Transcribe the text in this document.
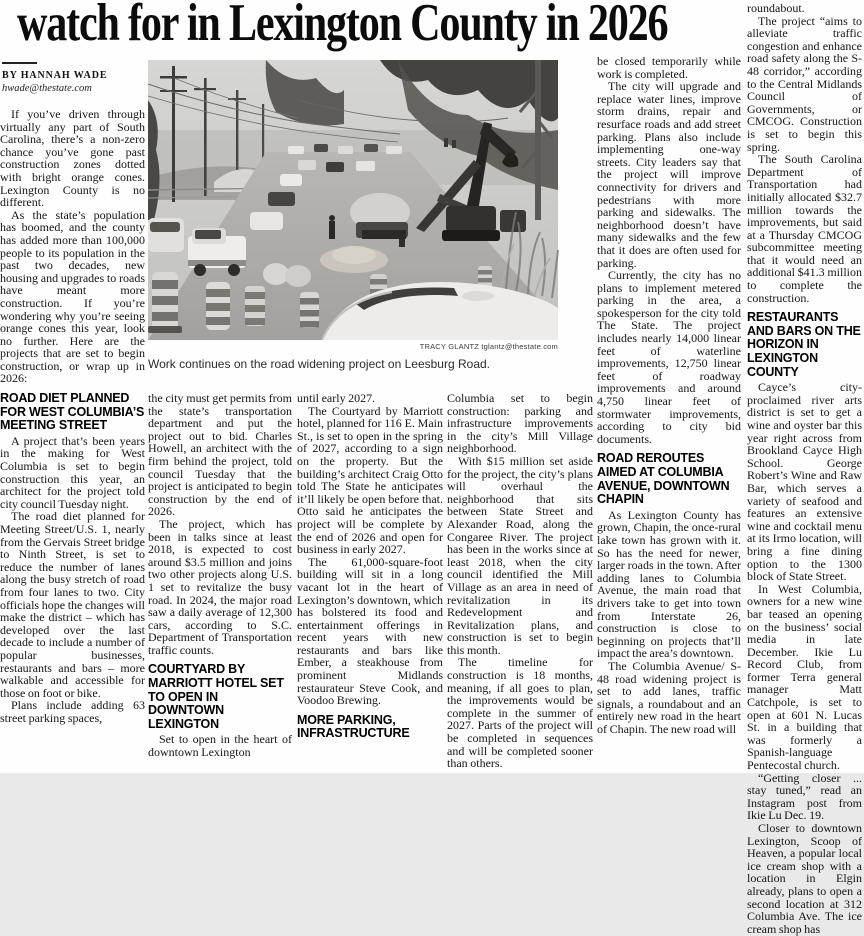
watch for in Lexington County in 2026
BY HANNAH WADE
hwade@thestate.com
TRACY GLANTZ tglantz@thestate.com
Work continues on the road widening project on Leesburg Road.

If you’ve driven through virtually any part of South Carolina, there’s a non-zero chance you’ve gone past construction zones dotted with bright orange cones. Lexington County is no different.

As the state’s population has boomed, and the county has added more than 100,000 people to its population in the past two decades, new housing and upgrades to roads have meant more construction. If you’re wondering why you’re seeing orange cones this year, look no further. Here are the projects that are set to begin construction, or wrap up in 2026:

ROAD DIET PLANNED FOR WEST COLUMBIA’S MEETING STREET

A project that’s been years in the making for West Columbia is set to begin construction this year, an architect for the project told city council Tuesday night.

The road diet planned for Meeting Street/U.S. 1, nearly from the Gervais Street bridge to Ninth Street, is set to reduce the number of lanes along the busy stretch of road from four lanes to two. City officials hope the changes will make the district – which has developed over the last decade to include a number of popular businesses, restaurants and bars – more walkable and accessible for those on foot or bike.

Plans include adding 63 street parking spaces,

the city must get permits from the state’s transportation department and put the project out to bid. Charles Howell, an architect with the firm behind the project, told council Tuesday that the project is anticipated to begin construction by the end of 2026.

The project, which has been in talks since at least 2018, is expected to cost around $3.5 million and joins two other projects along U.S. 1 set to revitalize the busy road. In 2024, the major road saw a daily average of 12,300 cars, according to S.C. Department of Transportation traffic counts.

COURTYARD BY MARRIOTT HOTEL SET TO OPEN IN DOWNTOWN LEXINGTON

Set to open in the heart of downtown Lexington

until early 2027.

The Courtyard by Marriott hotel, planned for 116 E. Main St., is set to open in the spring of 2027, according to a sign on the property. But the building’s architect Craig Otto told The State he anticipates it’ll likely be open before that. Otto said he anticipates the project will be complete by the end of 2026 and open for business in early 2027.

The 61,000-square-foot building will sit in a long vacant lot in the heart of Lexington’s downtown, which has bolstered its food and entertainment offerings in recent years with new restaurants and bars like Ember, a steakhouse from prominent Midlands restaurateur Steve Cook, and Voodoo Brewing.

MORE PARKING, INFRASTRUCTURE

Columbia set to begin construction: parking and infrastructure improvements in the city’s Mill Village neighborhood.

With $15 million set aside for the project, the city’s plans will overhaul the neighborhood that sits between State Street and Alexander Road, along the Congaree River. The project has been in the works since at least 2018, when the city council identified the Mill Village as an area in need of revitalization in its Redevelopment and Revitalization plans, and construction is set to begin this month.

The timeline for construction is 18 months, meaning, if all goes to plan, the improvements would be complete in the summer of 2027. Parts of the project will be completed in sequences and will be completed sooner than others.

be closed temporarily while work is completed.

The city will upgrade and replace water lines, improve storm drains, repair and resurface roads and add street parking. Plans also include implementing one-way streets. City leaders say that the project will improve connectivity for drivers and pedestrians with more parking and sidewalks. The neighborhood doesn’t have many sidewalks and the few that it does are often used for parking.

Currently, the city has no plans to implement metered parking in the area, a spokesperson for the city told The State. The project includes nearly 14,000 linear feet of waterline improvements, 12,750 linear feet of roadway improvements and around 4,750 linear feet of stormwater improvements, according to city bid documents.

ROAD REROUTES AIMED AT COLUMBIA AVENUE, DOWNTOWN CHAPIN

As Lexington County has grown, Chapin, the once-rural lake town has grown with it. So has the need for newer, larger roads in the town. After adding lanes to Columbia Avenue, the main road that drivers take to get into town from Interstate 26, construction is close to beginning on projects that’ll impact the area’s downtown.

The Columbia Avenue/ S-48 road widening project is set to add lanes, traffic signals, a roundabout and an entirely new road in the heart of Chapin. The new road will

roundabout.

The project “aims to alleviate traffic congestion and enhance road safety along the S-48 corridor,” according to the Central Midlands Council of Governments, or CMCOG. Construction is set to begin this spring.

The South Carolina Department of Transportation had initially allocated $32.7 million towards the improvements, but said at a Thursday CMCOG subcommittee meeting that it would need an additional $41.3 million to complete the construction.

RESTAURANTS AND BARS ON THE HORIZON IN LEXINGTON COUNTY

Cayce’s city-proclaimed river arts district is set to get a wine and oyster bar this year right across from Brookland Cayce High School. George Robert’s Wine and Raw Bar, which serves a variety of seafood and features an extensive wine and cocktail menu at its Irmo location, will bring a fine dining option to the 1300 block of State Street.

In West Columbia, owners for a new wine bar teased an opening on the business’ social media in late December. Ikie Lu Record Club, from former Terra general manager Matt Catchpole, is set to open at 601 N. Lucas St. in a building that was formerly a Spanish-language Pentecostal church.

“Getting closer ... stay tuned,” read an Instagram post from Ikie Lu Dec. 19.

Closer to downtown Lexington, Scoop of Heaven, a popular local ice cream shop with a location in Elgin already, plans to open a second location at 312 Columbia Ave. The ice cream shop has
